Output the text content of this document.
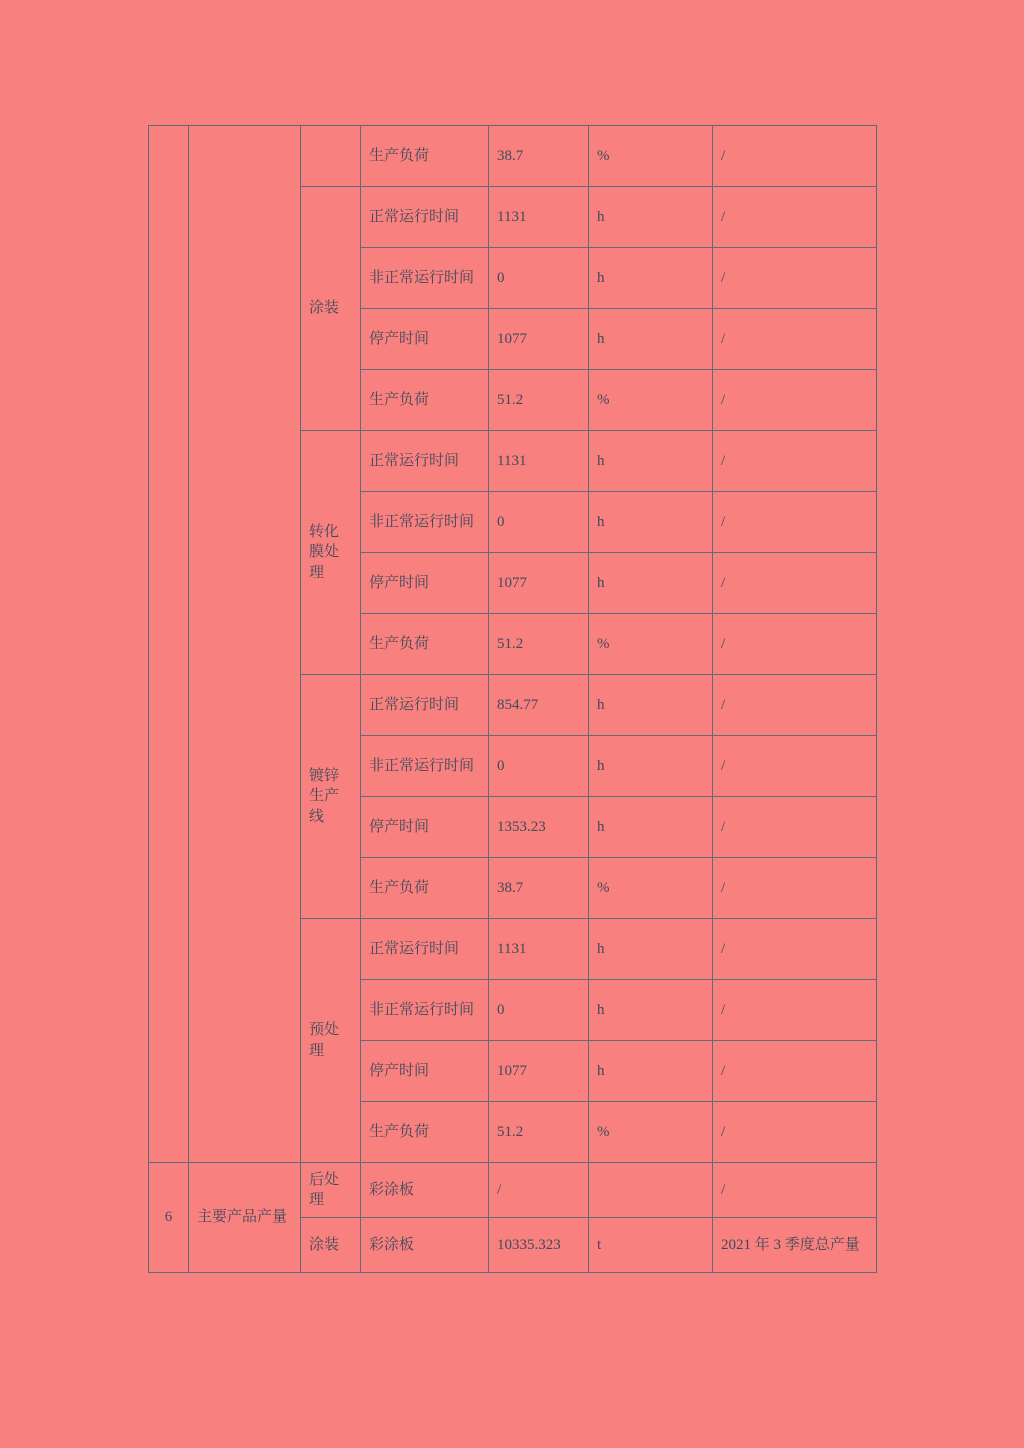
			生产负荷	38.7	%	/
		涂装	正常运行时间	1131	h	/
			非正常运行时间	0	h	/
			停产时间	1077	h	/
			生产负荷	51.2	%	/
		转化膜处理	正常运行时间	1131	h	/
			非正常运行时间	0	h	/
			停产时间	1077	h	/
			生产负荷	51.2	%	/
		镀锌生产线	正常运行时间	854.77	h	/
			非正常运行时间	0	h	/
			停产时间	1353.23	h	/
			生产负荷	38.7	%	/
		预处理	正常运行时间	1131	h	/
			非正常运行时间	0	h	/
			停产时间	1077	h	/
			生产负荷	51.2	%	/
6	主要产品产量	后处理	彩涂板	/		/
		涂装	彩涂板	10335.323	t	2021 年 3 季度总产量
